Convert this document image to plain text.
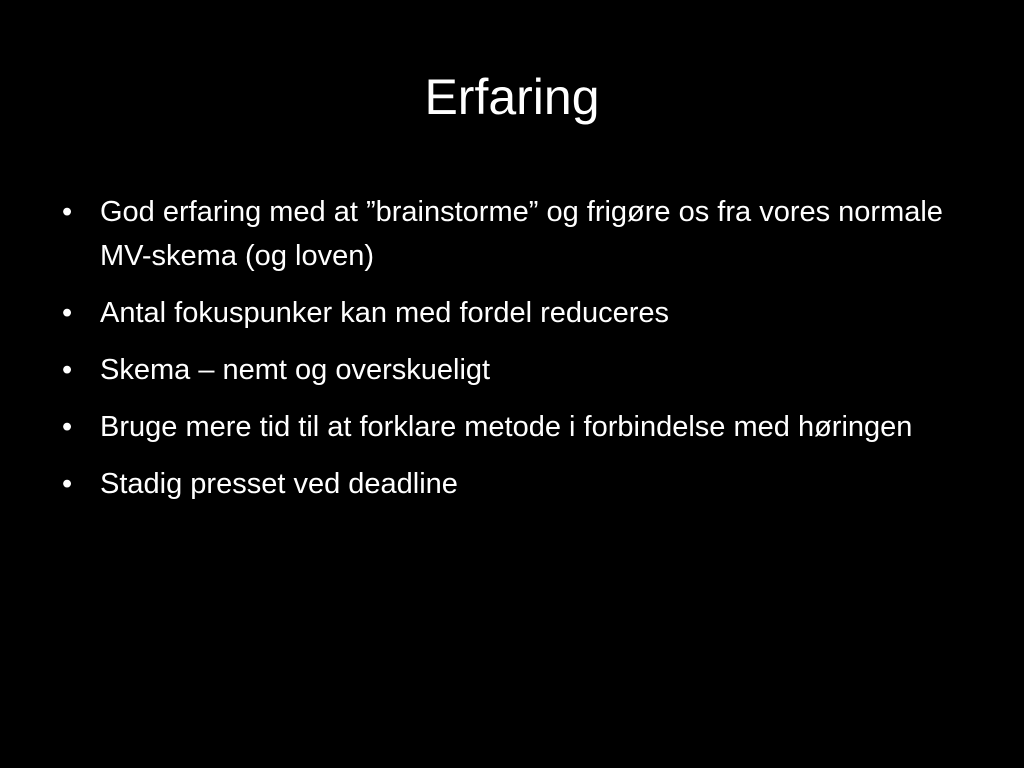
Erfaring
• God erfaring med at ”brainstorme” og frigøre os fra vores normale MV-skema (og loven)
• Antal fokuspunker kan med fordel reduceres
• Skema – nemt og overskueligt
• Bruge mere tid til at forklare metode i forbindelse med høringen
• Stadig presset ved deadline
